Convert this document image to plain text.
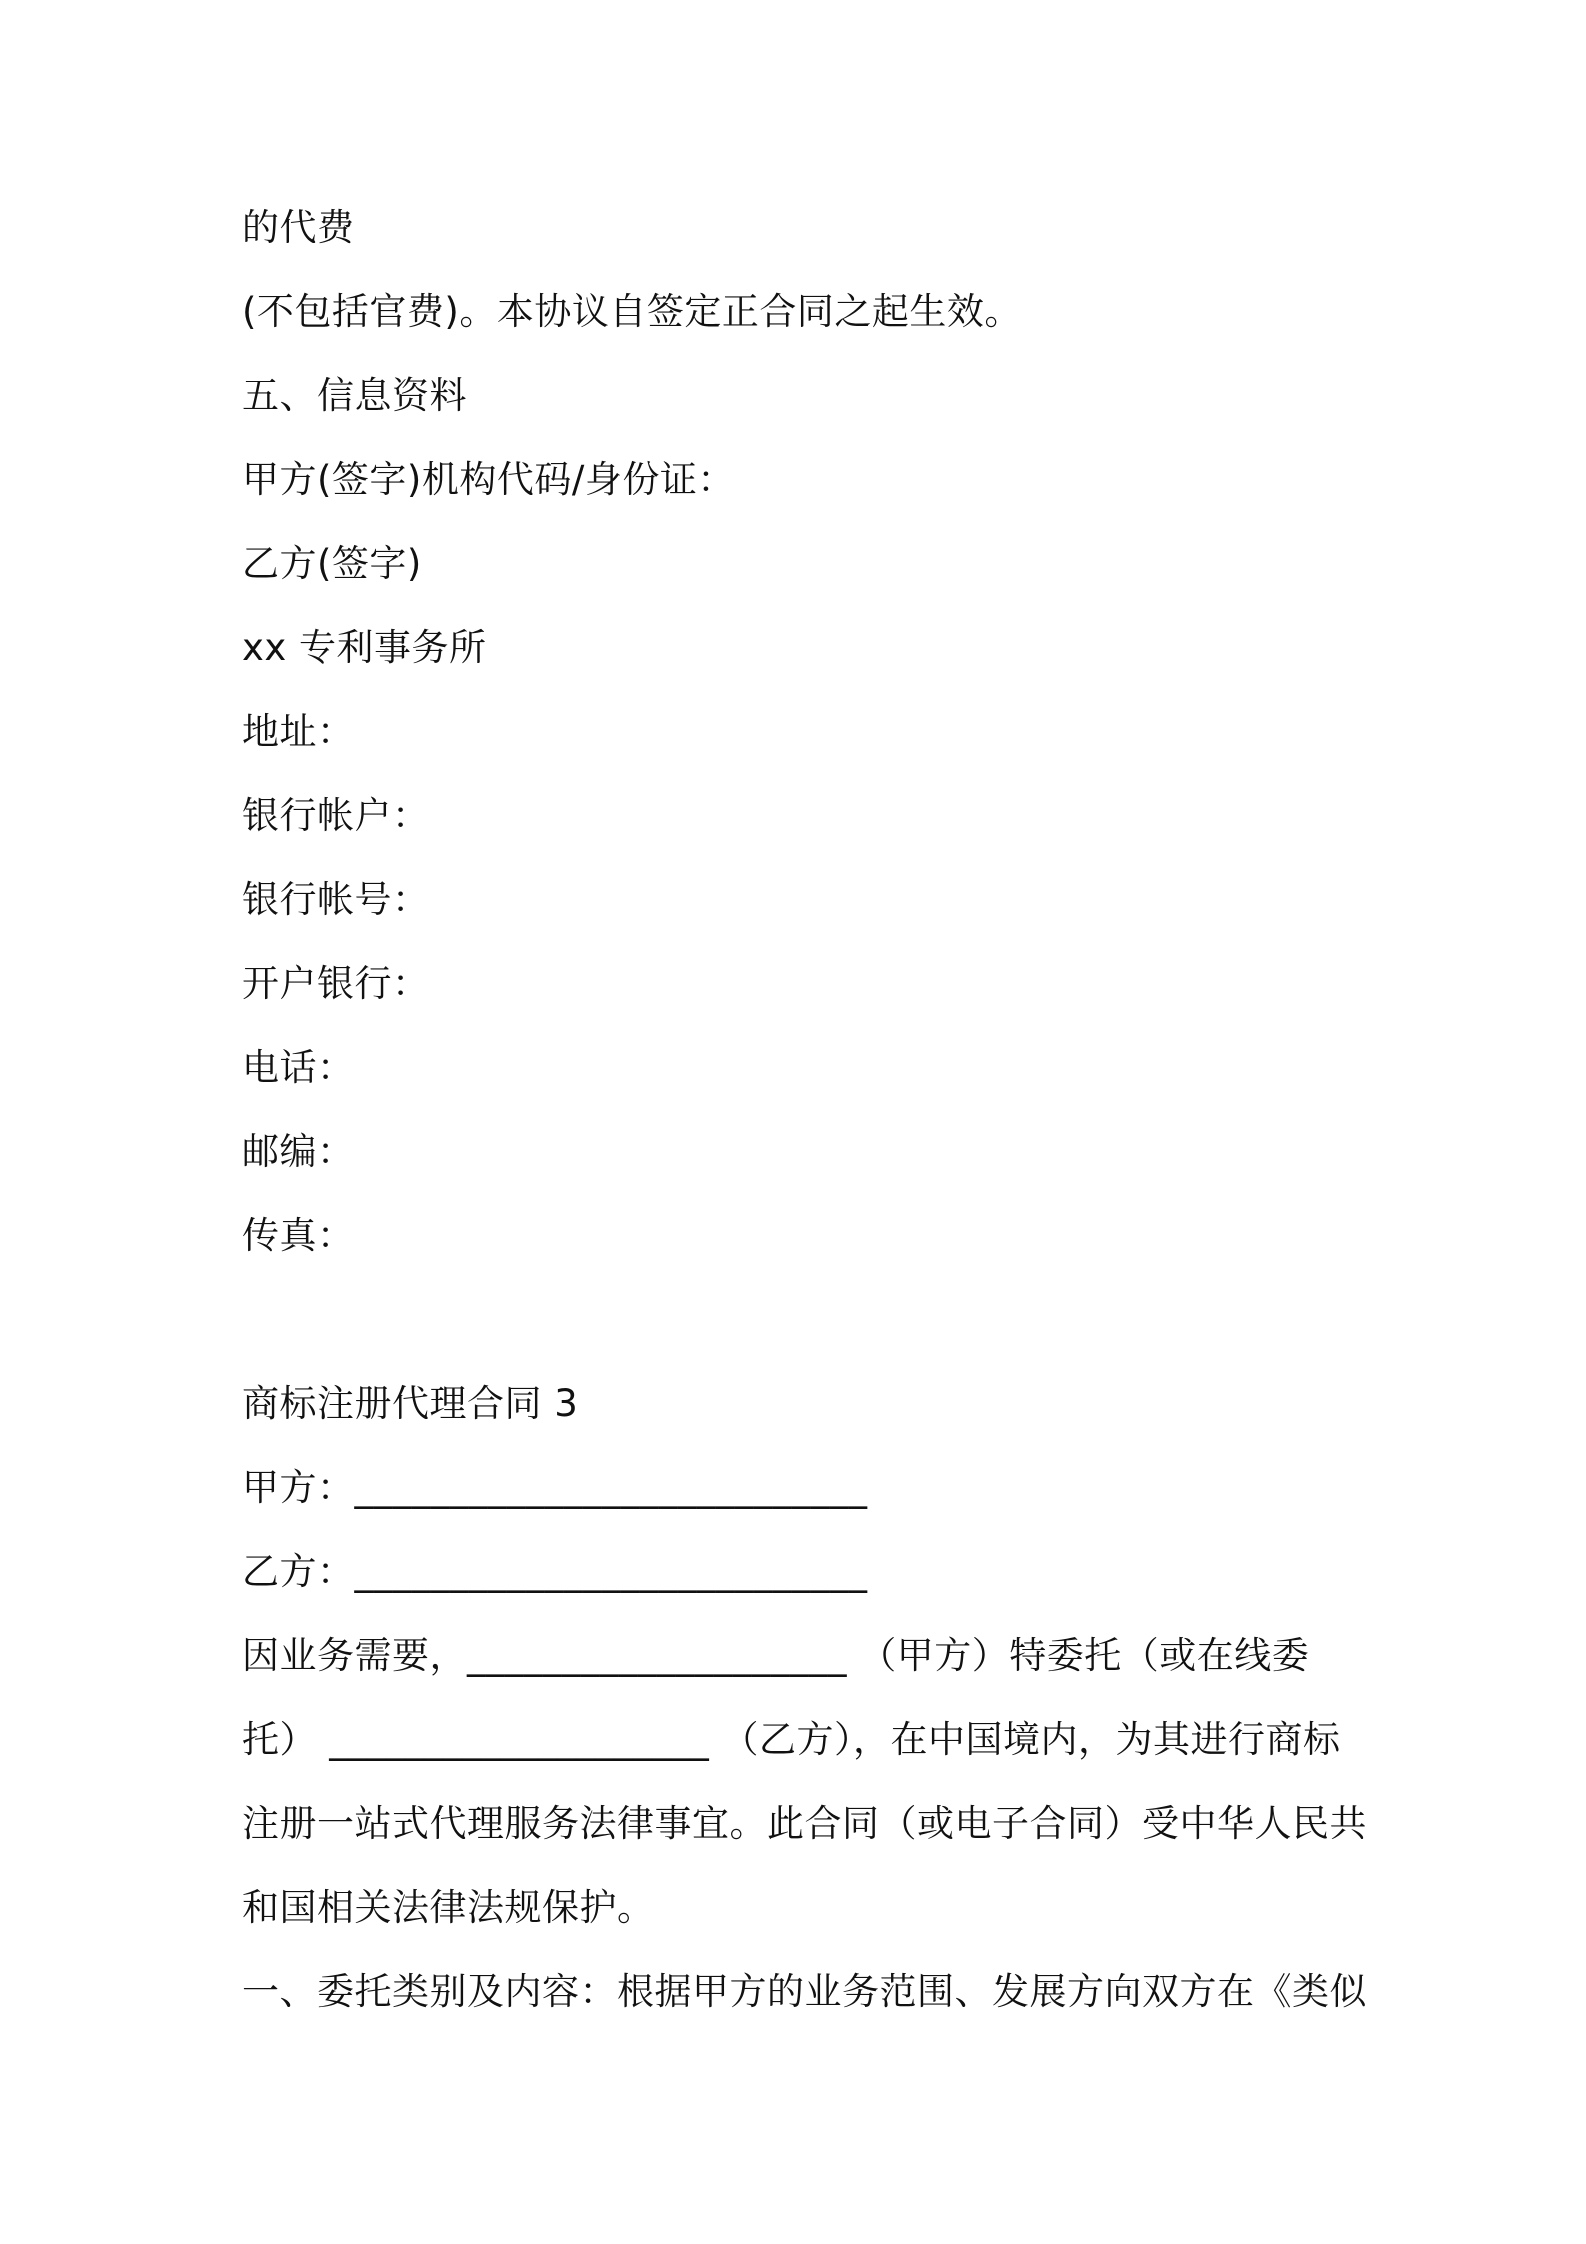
的代费
(不包括官费)。本协议自签定正合同之起生效。
五、信息资料
甲方(签字)机构代码/身份证：
乙方(签字)
xx 专利事务所
地址：
银行帐户：
银行帐号：
开户银行：
电话：
邮编：
传真：
商标注册代理合同 3
甲方：___________________________
乙方：___________________________
因业务需要，____________________ （甲方）特委托（或在线委
托） ____________________ （乙方），在中国境内，为其进行商标
注册一站式代理服务法律事宜。此合同（或电子合同）受中华人民共
和国相关法律法规保护。
一、委托类别及内容：根据甲方的业务范围、发展方向双方在《类似
